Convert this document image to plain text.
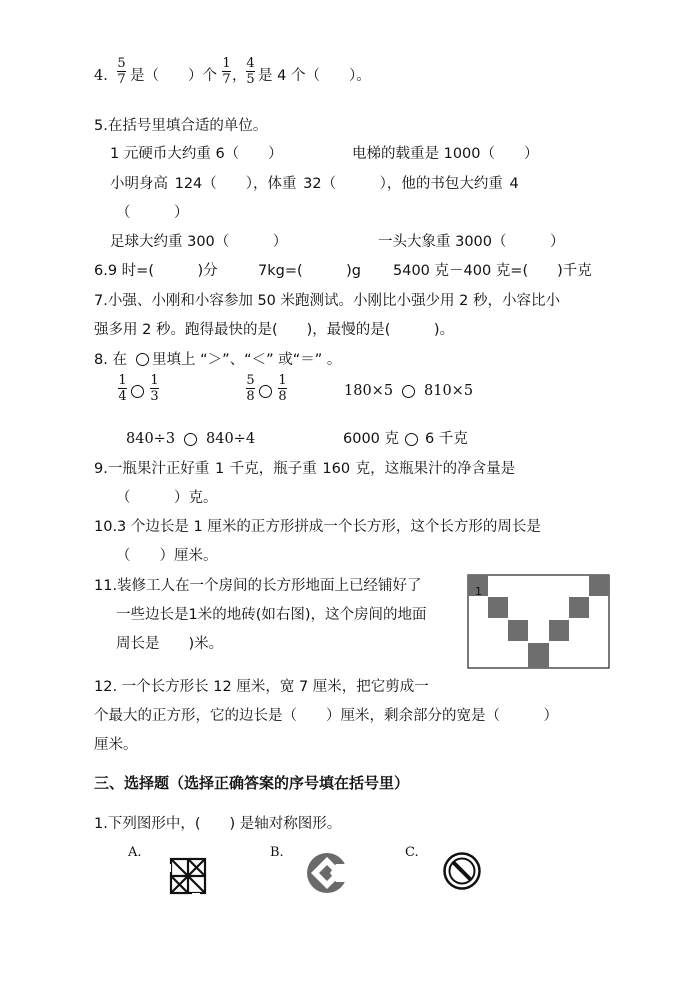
4.
5
7 是（　　）个
1
7 ，
4
5 是 4 个（　　）。
5.在括号里填合适的单位。
1 元硬币大约重 6（　　）	电梯的载重是 1000（　　）
小明身高 124（　　），体重 32（　　　），他的书包大约重 4
（　　　）
足球大约重 300（　　　）	一头大象重 3000（　　　）
6.9 时=(　　　)分	7kg=(　　　)g 5400 克－400 克=(　　)千克
7.小强、小刚和小容参加 50 米跑测试。小刚比小强少用 2 秒，小容比小
强多用 2 秒。跑得最快的是(　　)，最慢的是(　　　)。
8. 在 里填上 “＞”、“＜” 或“＝” 。
1
4
1
3
5
8
1
8	180×5 810×5
840÷3 840÷4	6000 克 6 千克
9.一瓶果汁正好重 1 千克，瓶子重 160 克，这瓶果汁的净含量是
（　　　）克。
10.3 个边长是 1 厘米的正方形拼成一个长方形，这个长方形的周长是
（　　）厘米。
11.装修工人在一个房间的长方形地面上已经铺好了
一些边长是1米的地砖(如右图)，这个房间的地面
周长是　　)米。
1
12. 一个长方形长 12 厘米，宽 7 厘米，把它剪成一
个最大的正方形，它的边长是（　　）厘米，剩余部分的宽是（　　　）
厘米。
三、选择题（选择正确答案的序号填在括号里）
1.下列图形中，(　　) 是轴对称图形。
A.	B.	C.
